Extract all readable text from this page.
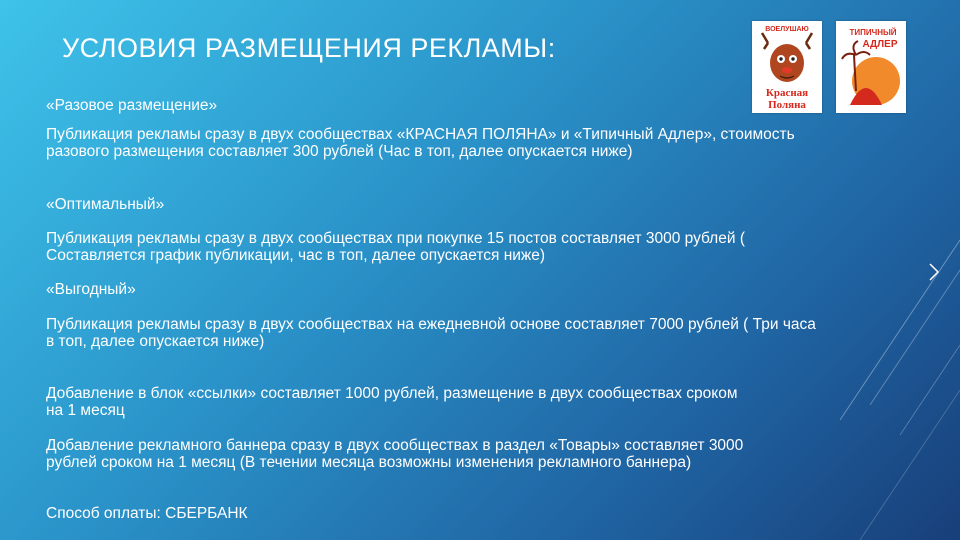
УСЛОВИЯ РАЗМЕЩЕНИЯ РЕКЛАМЫ:
ВОЕЛУШАЮ
Красная
Поляна
ТИПИЧНЫЙ
АДЛЕР
«Разовое размещение»
Публикация рекламы сразу в двух сообществах «КРАСНАЯ ПОЛЯНА» и «Типичный Адлер», стоимость разового размещения составляет 300 рублей (Час в топ, далее опускается ниже)
«Оптимальный»
Публикация рекламы сразу в двух сообществах при покупке 15 постов составляет 3000 рублей ( Составляется график публикации, час в топ, далее опускается ниже)
«Выгодный»
Публикация рекламы сразу в двух сообществах на ежедневной основе составляет 7000 рублей ( Три часа в топ, далее опускается ниже)
Добавление в блок «ссылки» составляет 1000 рублей, размещение в двух сообществах сроком на 1 месяц
Добавление рекламного баннера сразу в двух сообществах в раздел «Товары» составляет 3000 рублей сроком на 1 месяц (В течении месяца возможны изменения рекламного баннера)
Способ оплаты: СБЕРБАНК
